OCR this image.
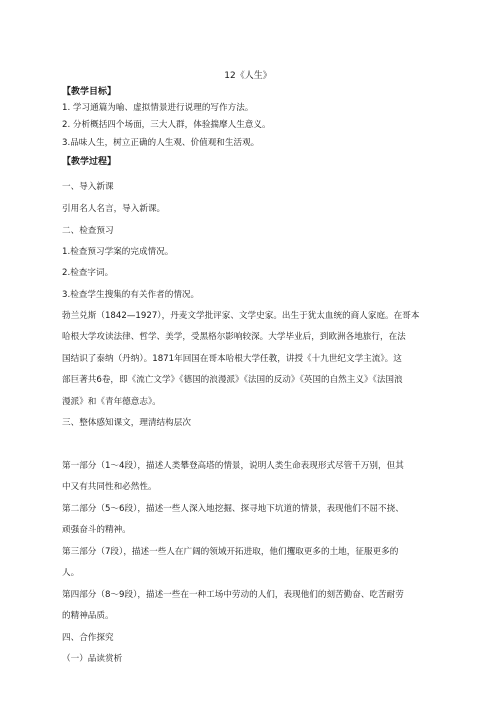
12《人生》
【教学目标】
1. 学习通篇为喻、虚拟情景进行说理的写作方法。
2. 分析概括四个场面，三大人群，体验揣摩人生意义。
3.品味人生，树立正确的人生观、价值观和生活观。
【教学过程】
一、导入新课
引用名人名言，导入新课。
二、检查预习
1.检查预习学案的完成情况。
2.检查字词。
3.检查学生搜集的有关作者的情况。
勃兰兑斯（1842—1927），丹麦文学批评家、文学史家。出生于犹太血统的商人家庭。在哥本
哈根大学攻读法律、哲学、美学，受黑格尔影响较深。大学毕业后，到欧洲各地旅行，在法
国结识了泰纳（丹纳）。1871年回国在哥本哈根大学任教，讲授《十九世纪文学主流》。这
部巨著共6卷，即《流亡文学》《德国的浪漫派》《法国的反动》《英国的自然主义》《法国浪
漫派》和《青年德意志》。
三、整体感知课文，理清结构层次
第一部分（1～4段），描述人类攀登高塔的情景，说明人类生命表现形式尽管千万别，但其
中又有共同性和必然性。
第二部分（5～6段），描述一些人深入地挖掘、探寻地下坑道的情景，表现他们不屈不挠、
顽强奋斗的精神。
第三部分（7段），描述一些人在广阔的领域开拓进取，他们攫取更多的土地，征服更多的
人。
第四部分（8～9段），描述一些在一种工场中劳动的人们，表现他们的刻苦勤奋、吃苦耐劳
的精神品质。
四、合作探究
（一）品读赏析
